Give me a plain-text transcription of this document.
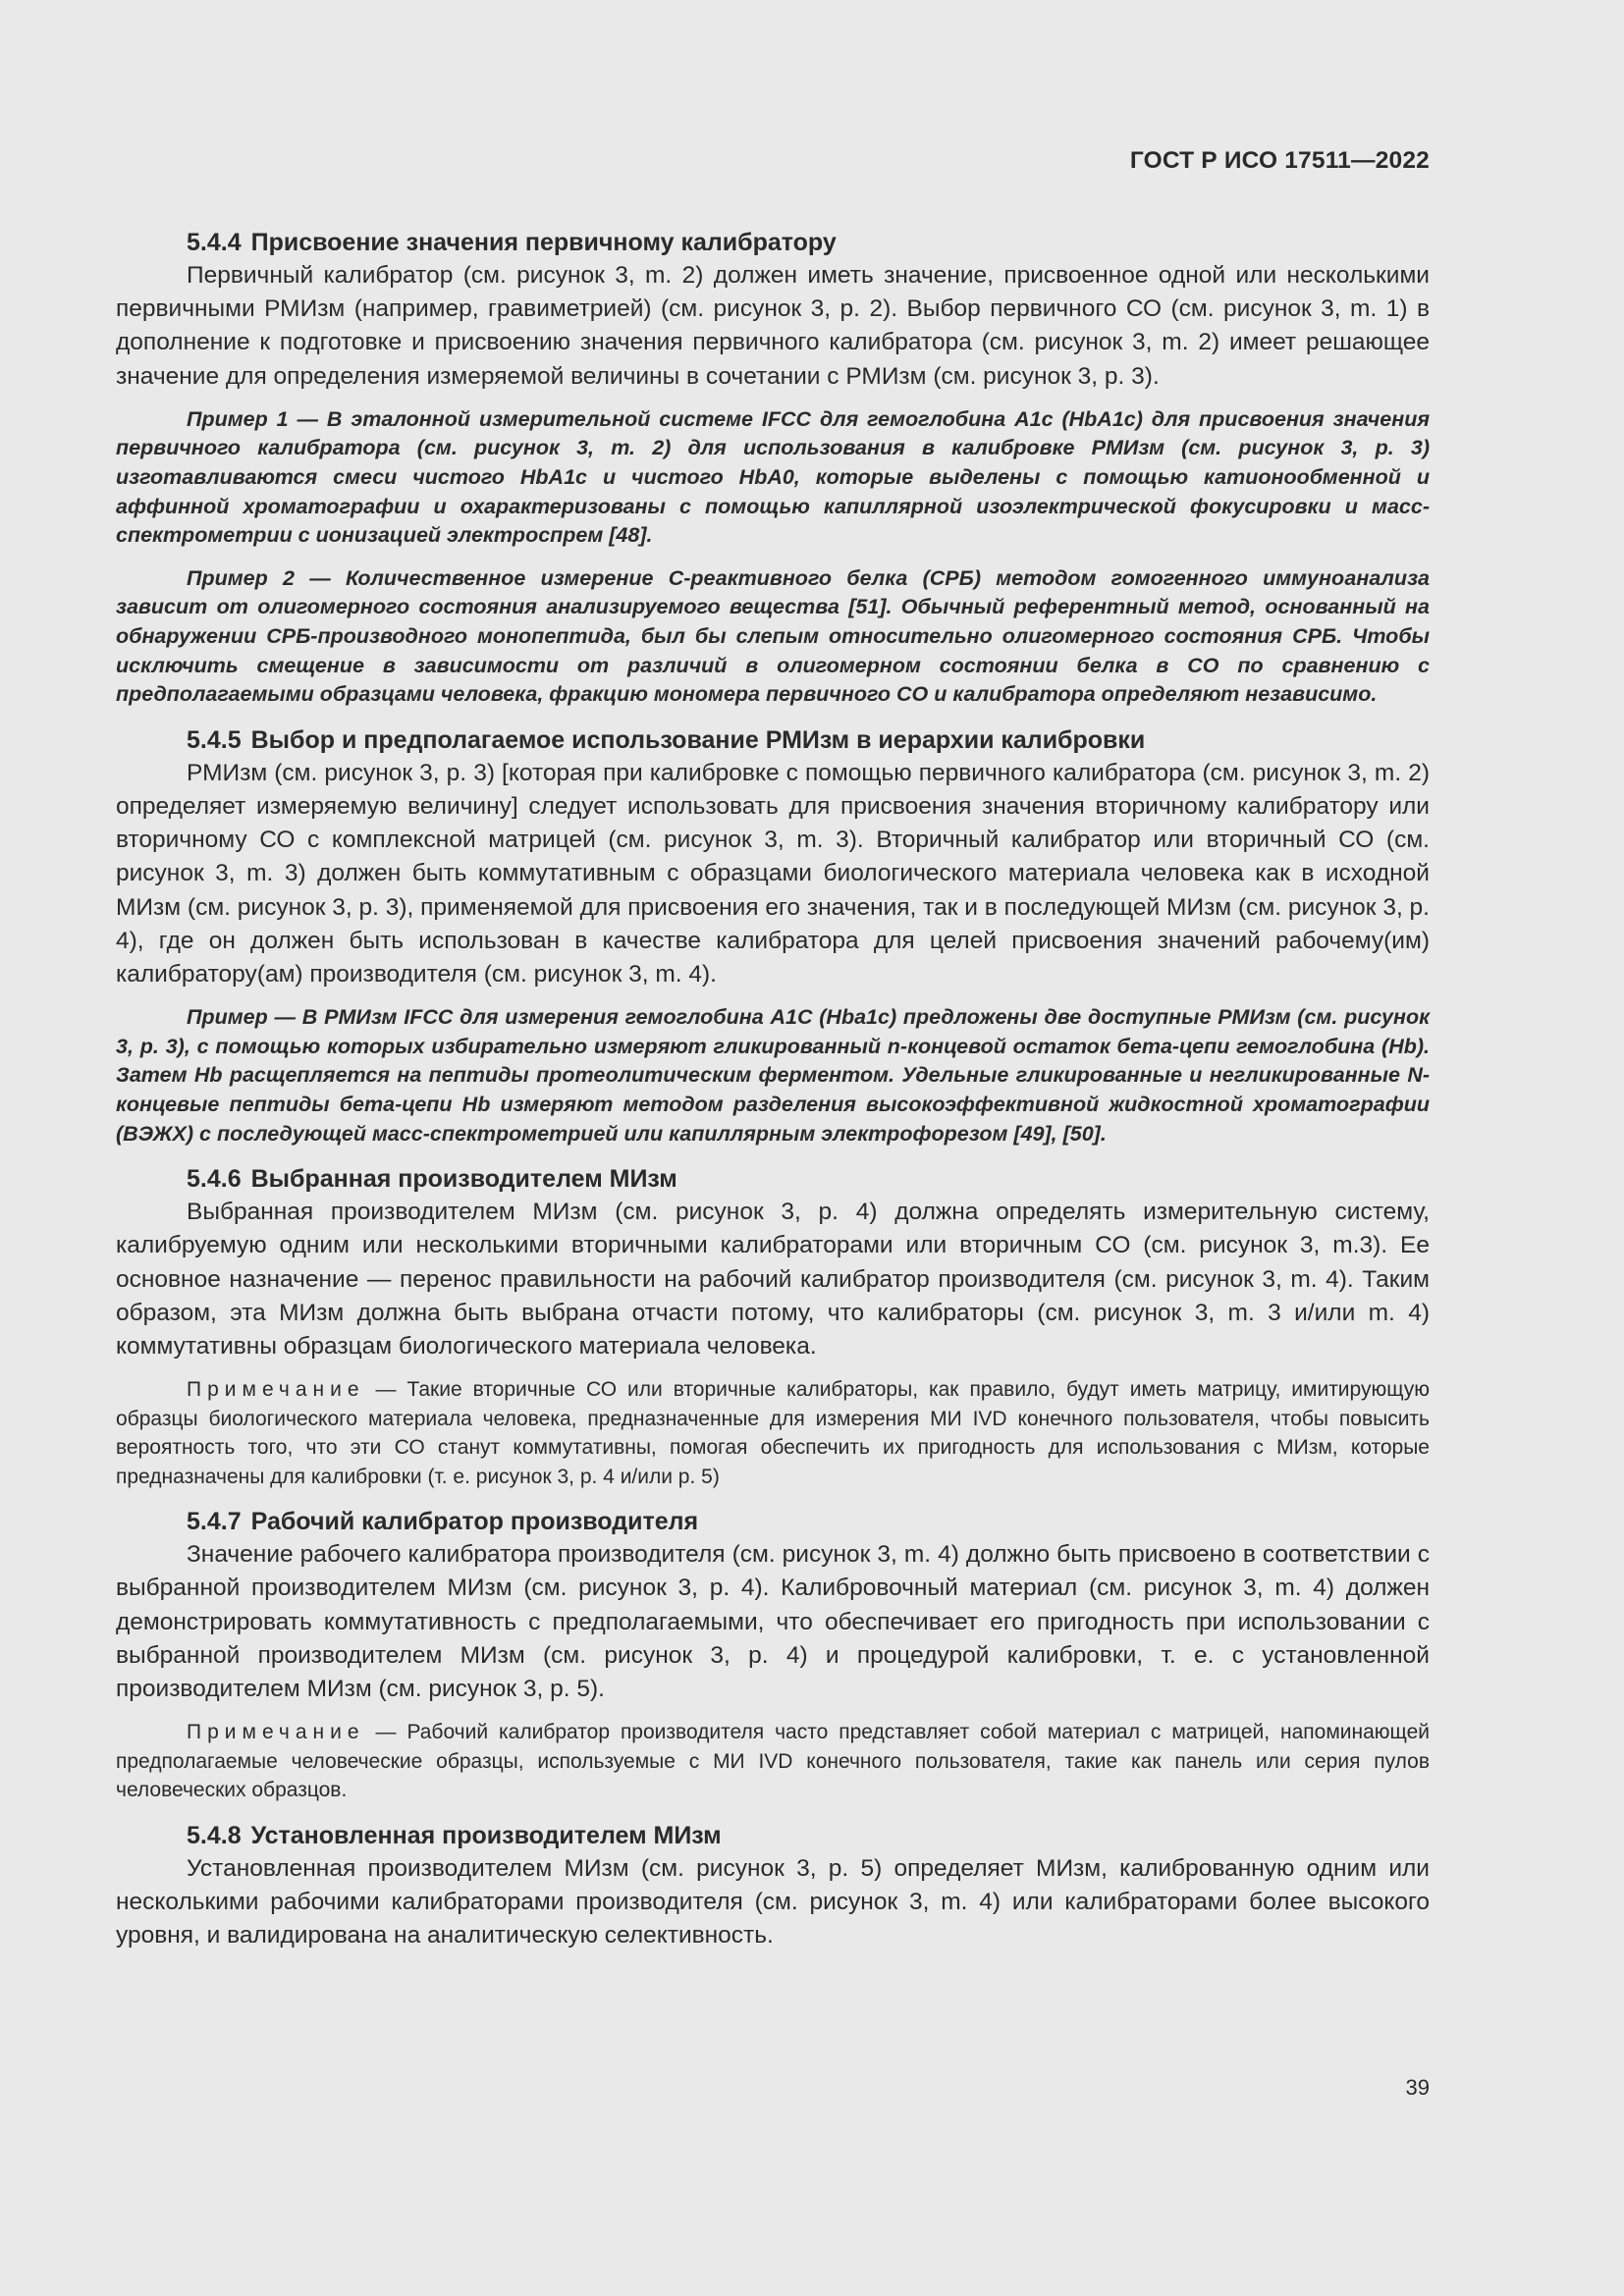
ГОСТ Р ИСО 17511—2022
5.4.4 Присвоение значения первичному калибратору

Первичный калибратор (см. рисунок 3, m. 2) должен иметь значение, присвоенное одной или несколькими первичными РМИзм (например, гравиметрией) (см. рисунок 3, р. 2). Выбор первичного СО (см. рисунок 3, m. 1) в дополнение к подготовке и присвоению значения первичного калибратора (см. рисунок 3, m. 2) имеет решающее значение для определения измеряемой величины в сочетании с РМИзм (см. рисунок 3, р. 3).

Пример 1 — В эталонной измерительной системе IFCC для гемоглобина A1c (HbA1c) для присвоения значения первичного калибратора (см. рисунок 3, т. 2) для использования в калибровке РМИзм (см. рисунок 3, р. 3) изготавливаются смеси чистого HbA1c и чистого HbA0, которые выделены с помощью катионообменной и аффинной хроматографии и охарактеризованы с помощью капиллярной изоэлектрической фокусировки и масс-спектрометрии с ионизацией электроспрем [48].

Пример 2 — Количественное измерение С-реактивного белка (СРБ) методом гомогенного иммуноанализа зависит от олигомерного состояния анализируемого вещества [51]. Обычный референтный метод, основанный на обнаружении СРБ-производного монопептида, был бы слепым относительно олигомерного состояния СРБ. Чтобы исключить смещение в зависимости от различий в олигомерном состоянии белка в СО по сравнению с предполагаемыми образцами человека, фракцию мономера первичного СО и калибратора определяют независимо.

5.4.5 Выбор и предполагаемое использование РМИзм в иерархии калибровки

РМИзм (см. рисунок 3, р. 3) [которая при калибровке с помощью первичного калибратора (см. рисунок 3, m. 2) определяет измеряемую величину] следует использовать для присвоения значения вторичному калибратору или вторичному СО с комплексной матрицей (см. рисунок 3, m. 3). Вторичный калибратор или вторичный СО (см. рисунок 3, m. 3) должен быть коммутативным с образцами биологического материала человека как в исходной МИзм (см. рисунок 3, р. 3), применяемой для присвоения его значения, так и в последующей МИзм (см. рисунок 3, р. 4), где он должен быть использован в качестве калибратора для целей присвоения значений рабочему(им) калибратору(ам) производителя (см. рисунок 3, m. 4).

Пример — В РМИзм IFCC для измерения гемоглобина A1C (Hba1c) предложены две доступные РМИзм (см. рисунок 3, р. 3), с помощью которых избирательно измеряют гликированный n-концевой остаток бета-цепи гемоглобина (Hb). Затем Hb расщепляется на пептиды протеолитическим ферментом. Удельные гликированные и негликированные N-концевые пептиды бета-цепи Hb измеряют методом разделения высокоэффективной жидкостной хроматографии (ВЭЖХ) с последующей масс-спектрометрией или капиллярным электрофорезом [49], [50].

5.4.6 Выбранная производителем МИзм

Выбранная производителем МИзм (см. рисунок 3, р. 4) должна определять измерительную систему, калибруемую одним или несколькими вторичными калибраторами или вторичным СО (см. рисунок 3, m.3). Ее основное назначение — перенос правильности на рабочий калибратор производителя (см. рисунок 3, m. 4). Таким образом, эта МИзм должна быть выбрана отчасти потому, что калибраторы (см. рисунок 3, m. 3 и/или m. 4) коммутативны образцам биологического материала человека.

Примечание — Такие вторичные СО или вторичные калибраторы, как правило, будут иметь матрицу, имитирующую образцы биологического материала человека, предназначенные для измерения МИ IVD конечного пользователя, чтобы повысить вероятность того, что эти СО станут коммутативны, помогая обеспечить их пригодность для использования с МИзм, которые предназначены для калибровки (т. е. рисунок 3, р. 4 и/или р. 5)

5.4.7 Рабочий калибратор производителя

Значение рабочего калибратора производителя (см. рисунок 3, m. 4) должно быть присвоено в соответствии с выбранной производителем МИзм (см. рисунок 3, р. 4). Калибровочный материал (см. рисунок 3, m. 4) должен демонстрировать коммутативность с предполагаемыми, что обеспечивает его пригодность при использовании с выбранной производителем МИзм (см. рисунок 3, р. 4) и процедурой калибровки, т. е. с установленной производителем МИзм (см. рисунок 3, р. 5).

Примечание — Рабочий калибратор производителя часто представляет собой материал с матрицей, напоминающей предполагаемые человеческие образцы, используемые с МИ IVD конечного пользователя, такие как панель или серия пулов человеческих образцов.

5.4.8 Установленная производителем МИзм

Установленная производителем МИзм (см. рисунок 3, р. 5) определяет МИзм, калиброванную одним или несколькими рабочими калибраторами производителя (см. рисунок 3, m. 4) или калибраторами более высокого уровня, и валидирована на аналитическую селективность.

39
